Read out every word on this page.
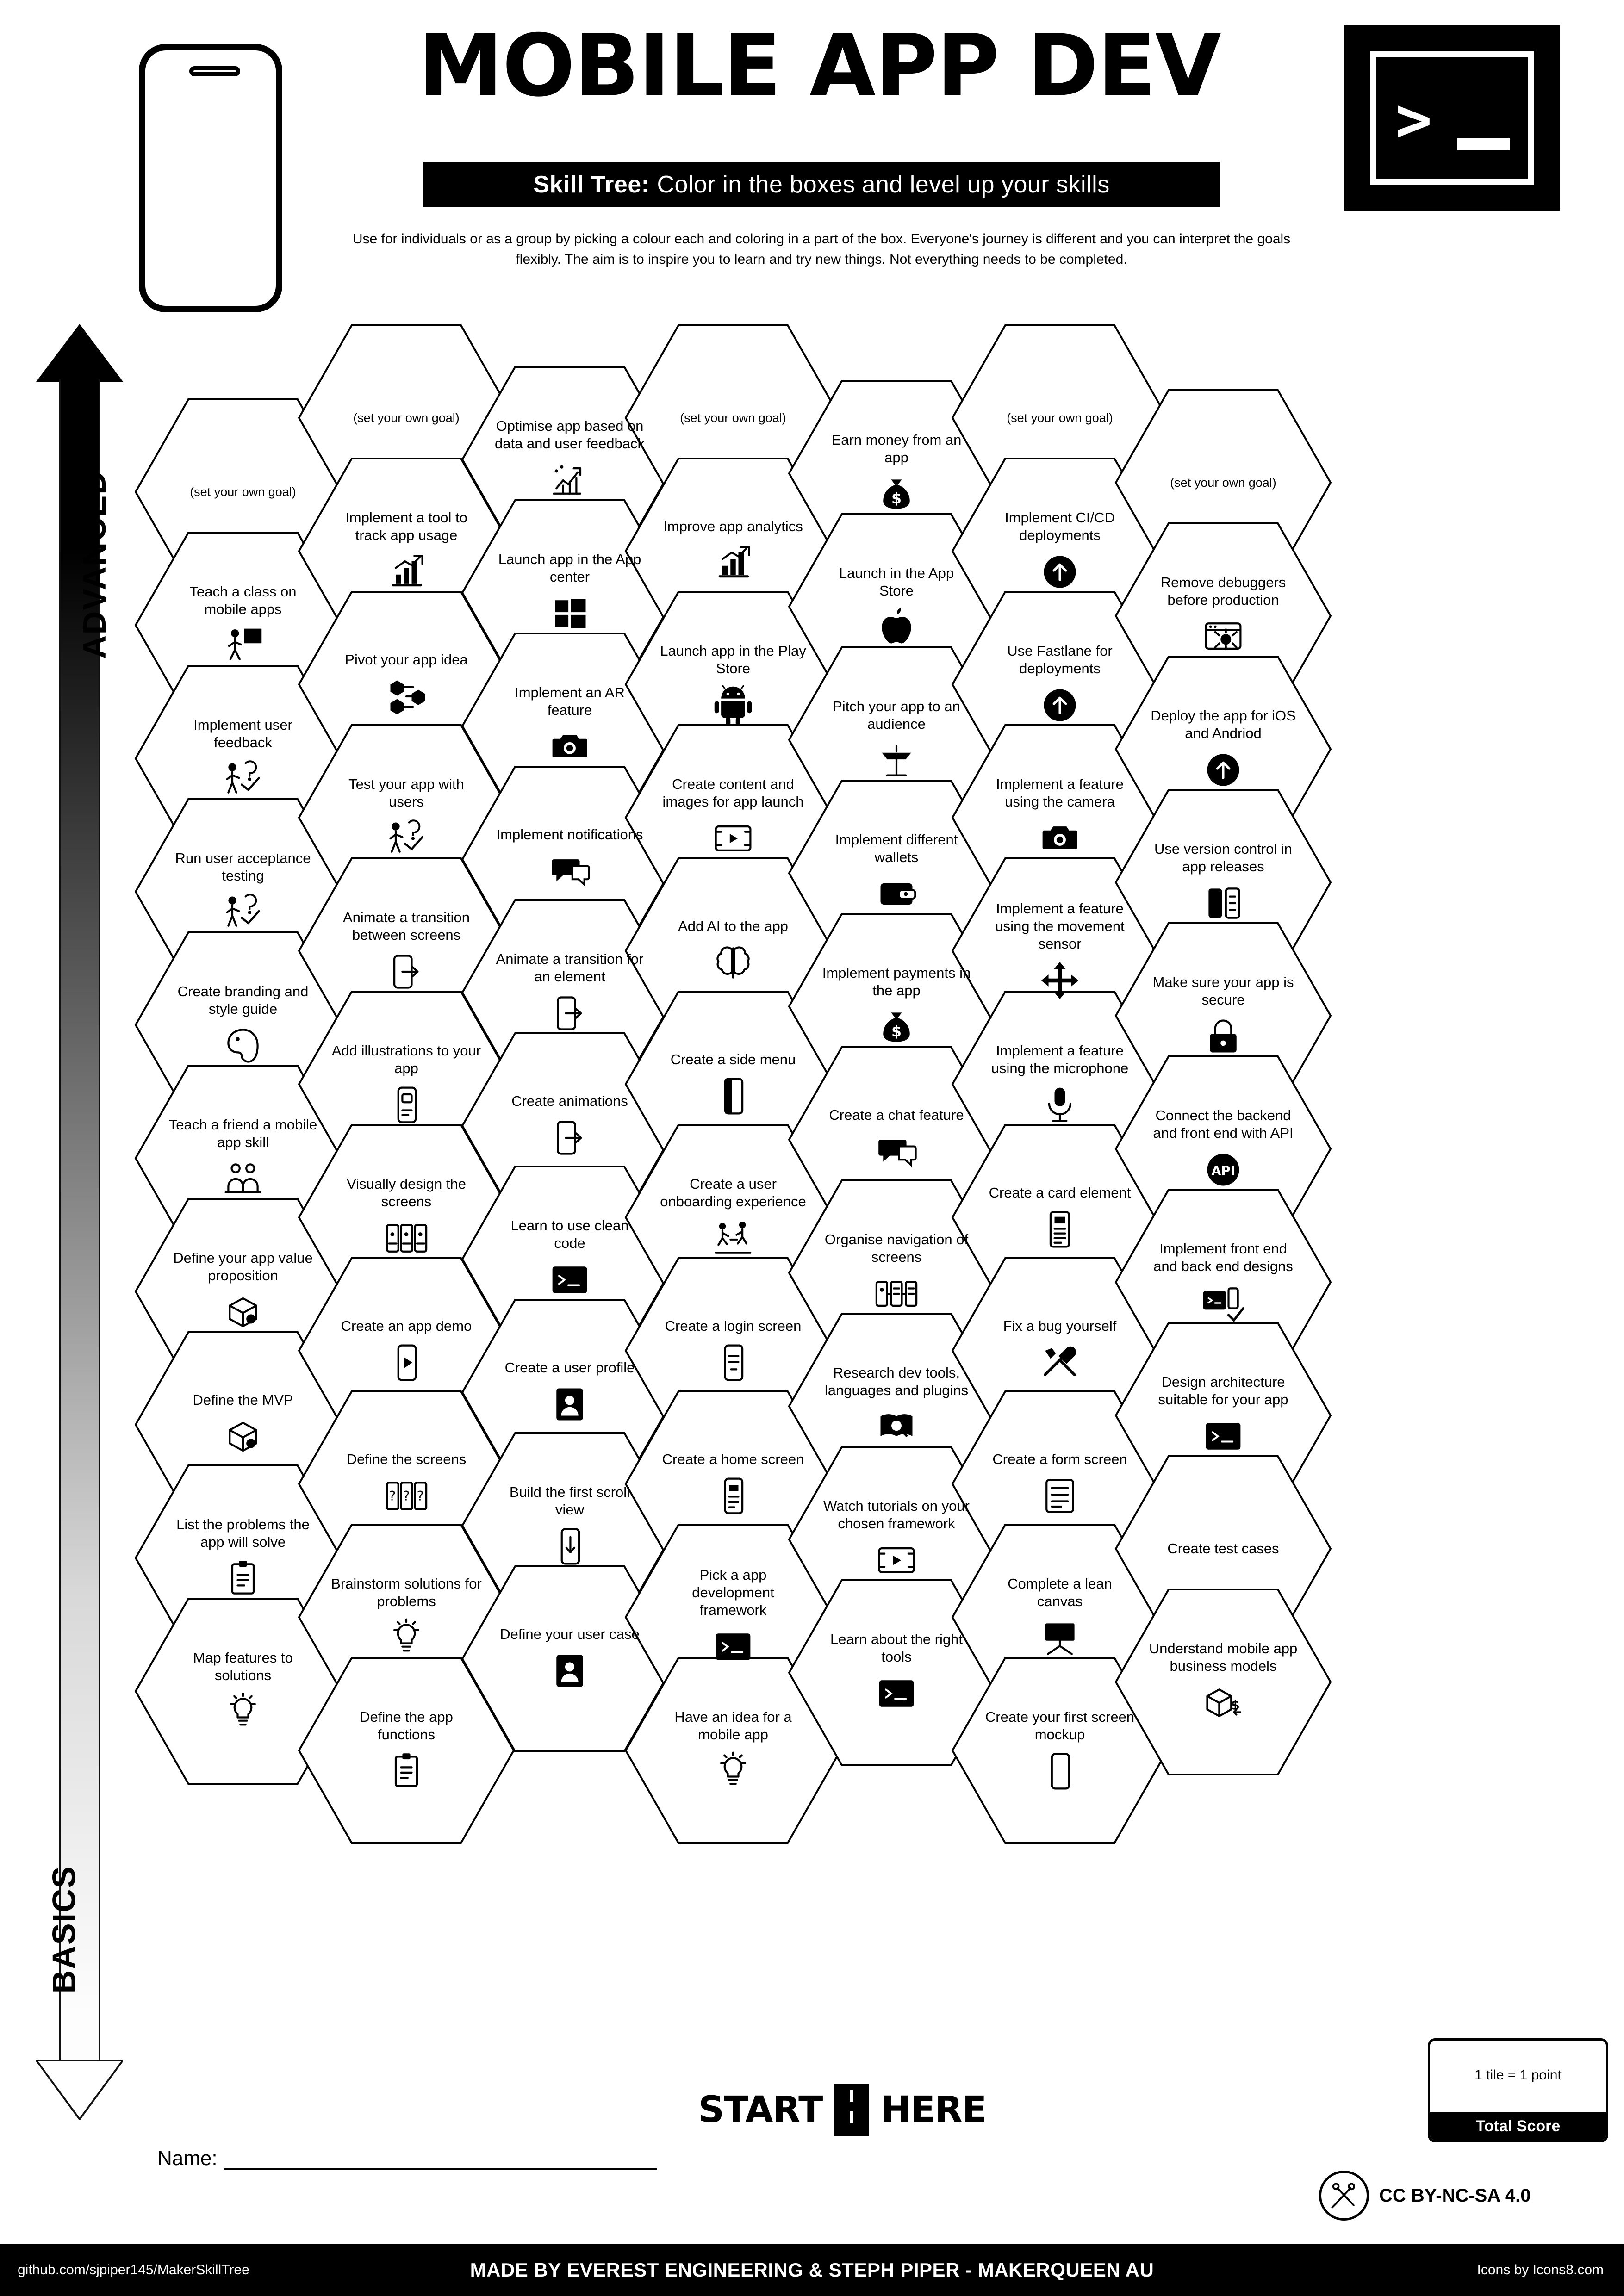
MOBILE APP DEV
Skill Tree: Color in the boxes and level up your skills
Use for individuals or as a group by picking a colour each and coloring in a part of the box. Everyone's journey is different and you can interpret the goals flexibly. The aim is to inspire you to learn and try new things. Not everything needs to be completed.
>
ADVANCED
BASICS
(set your own goal)
Teach a class on mobile apps
Implement user feedback
Run user acceptance testing
Create branding and style guide
Teach a friend a mobile app skill
Define your app value proposition
Define the MVP
List the problems the app will solve
Map features to solutions
(set your own goal)
Implement a tool to track app usage
Pivot your app idea
Test your app with users
Animate a transition between screens
Add illustrations to your app
Visually design the screens
Create an app demo
Define the screens
? ? ?
Brainstorm solutions for problems
Define the app functions
Optimise app based on data and user feedback
Launch app in the App center
Implement an AR feature
Implement notifications
Animate a transition for an element
Create animations
Learn to use clean code
Create a user profile
Build the first scroll view
Define your user case
(set your own goal)
Improve app analytics
Launch app in the Play Store
Create content and images for app launch
Add AI to the app
Create a side menu
Create a user onboarding experience
Create a login screen
Create a home screen
Pick a app development framework
Have an idea for a mobile app
Earn money from an app
$
Launch in the App Store
Pitch your app to an audience
Implement different wallets
Implement payments in the app
$
Create a chat feature
Organise navigation of screens
Research dev tools, languages and plugins
Watch tutorials on your chosen framework
Learn about the right tools
(set your own goal)
Implement CI/CD deployments
Use Fastlane for deployments
Implement a feature using the camera
Implement a feature using the movement sensor
Implement a feature using the microphone
Create a card element
Fix a bug yourself
Create a form screen
Complete a lean canvas
Create your first screen mockup
(set your own goal)
Remove debuggers before production
Deploy the app for iOS and Andriod
Use version control in app releases
Make sure your app is secure
Connect the backend and front end with API
API
Implement front end and back end designs
Design architecture suitable for your app
Create test cases
Understand mobile app business models
$
START HERE
1 tile = 1 point
Total Score
Name:
CC BY-NC-SA 4.0
github.com/sjpiper145/MakerSkillTree	MADE BY EVEREST ENGINEERING & STEPH PIPER - MAKERQUEEN AU	Icons by Icons8.com
